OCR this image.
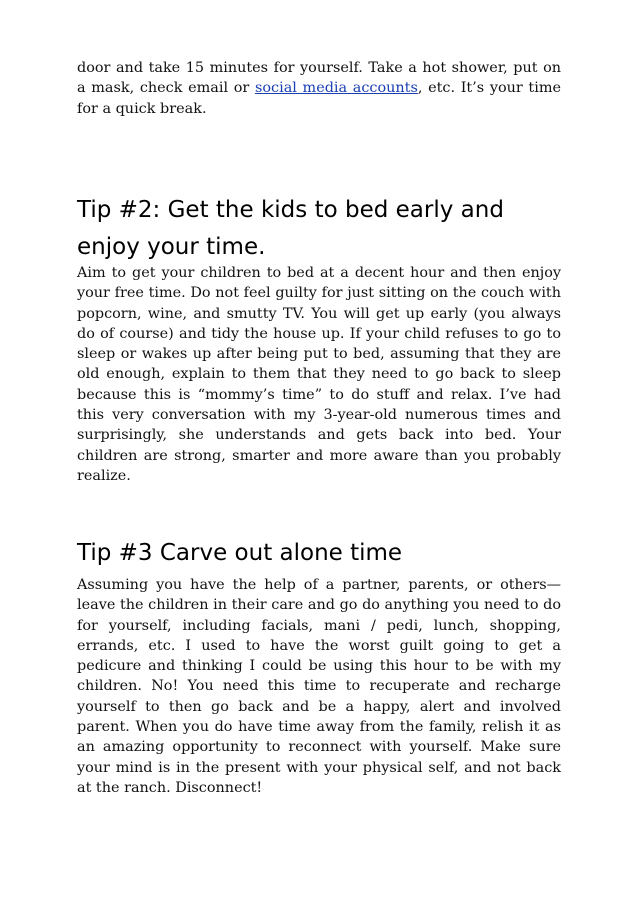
door and take 15 minutes for yourself. Take a hot shower, put on a mask, check email or social media accounts, etc. It’s your time for a quick break.

Tip #2: Get the kids to bed early and enjoy your time.

Aim to get your children to bed at a decent hour and then enjoy your free time. Do not feel guilty for just sitting on the couch with popcorn, wine, and smutty TV. You will get up early (you always do of course) and tidy the house up. If your child refuses to go to sleep or wakes up after being put to bed, assuming that they are old enough, explain to them that they need to go back to sleep because this is “mommy’s time” to do stuff and relax. I’ve had this very conversation with my 3-year-old numerous times and surprisingly, she understands and gets back into bed. Your children are strong, smarter and more aware than you probably realize.

Tip #3 Carve out alone time

Assuming you have the help of a partner, parents, or others— leave the children in their care and go do anything you need to do for yourself, including facials, mani / pedi, lunch, shopping, errands, etc. I used to have the worst guilt going to get a pedicure and thinking I could be using this hour to be with my children. No! You need this time to recuperate and recharge yourself to then go back and be a happy, alert and involved parent. When you do have time away from the family, relish it as an amazing opportunity to reconnect with yourself. Make sure your mind is in the present with your physical self, and not back at the ranch. Disconnect!
